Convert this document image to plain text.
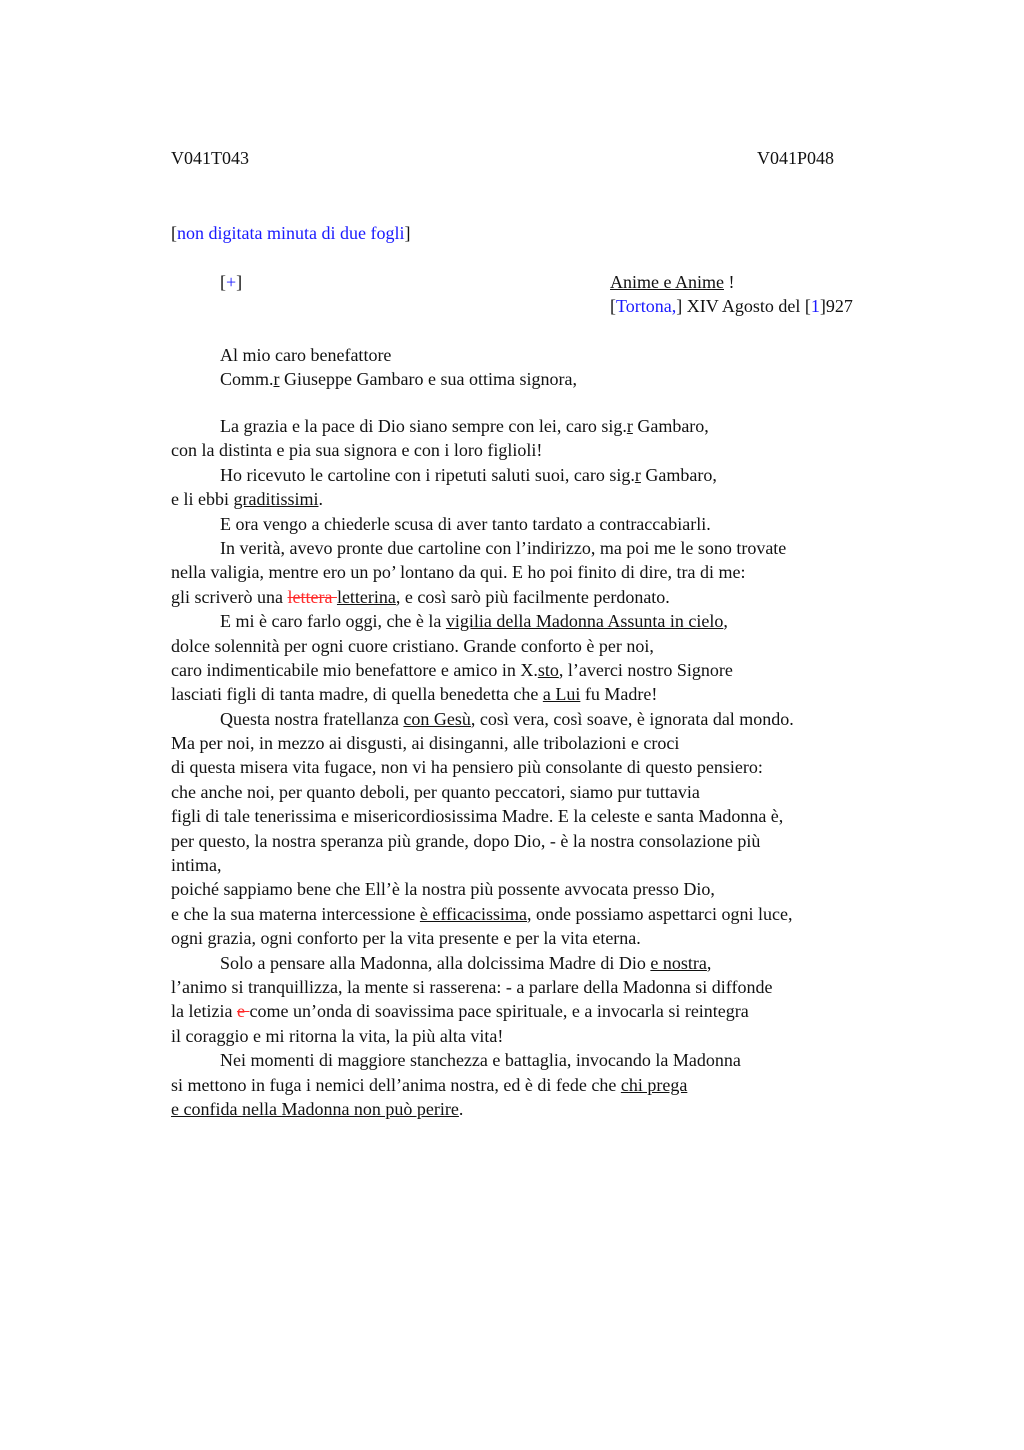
V041T043	V041P048
[non digitata minuta di due fogli]
[+]	Anime e Anime !
[Tortona,] XIV Agosto del [1]927
Al mio caro benefattore
Comm.r Giuseppe Gambaro e sua ottima signora,
La grazia e la pace di Dio siano sempre con lei, caro sig.r Gambaro,
con la distinta e pia sua signora e con i loro figlioli!
Ho ricevuto le cartoline con i ripetuti saluti suoi, caro sig.r Gambaro,
e li ebbi graditissimi.
E ora vengo a chiederle scusa di aver tanto tardato a contraccabiarli.
In verità, avevo pronte due cartoline con l’indirizzo, ma poi me le sono trovate
nella valigia, mentre ero un po’ lontano da qui. E ho poi finito di dire, tra di me:
gli scriverò una lettera letterina, e così sarò più facilmente perdonato.
E mi è caro farlo oggi, che è la vigilia della Madonna Assunta in cielo,
dolce solennità per ogni cuore cristiano. Grande conforto è per noi,
caro indimenticabile mio benefattore e amico in X.sto, l’averci nostro Signore
lasciati figli di tanta madre, di quella benedetta che a Lui fu Madre!
Questa nostra fratellanza con Gesù, così vera, così soave, è ignorata dal mondo.
Ma per noi, in mezzo ai disgusti, ai disinganni, alle tribolazioni e croci
di questa misera vita fugace, non vi ha pensiero più consolante di questo pensiero:
che anche noi, per quanto deboli, per quanto peccatori, siamo pur tuttavia
figli di tale tenerissima e misericordiosissima Madre. E la celeste e santa Madonna è,
per questo, la nostra speranza più grande, dopo Dio, - è la nostra consolazione più
intima,
poiché sappiamo bene che Ell’è la nostra più possente avvocata presso Dio,
e che la sua materna intercessione è efficacissima, onde possiamo aspettarci ogni luce,
ogni grazia, ogni conforto per la vita presente e per la vita eterna.
Solo a pensare alla Madonna, alla dolcissima Madre di Dio e nostra,
l’animo si tranquillizza, la mente si rasserena: - a parlare della Madonna si diffonde
la letizia e come un’onda di soavissima pace spirituale, e a invocarla si reintegra
il coraggio e mi ritorna la vita, la più alta vita!
Nei momenti di maggiore stanchezza e battaglia, invocando la Madonna
si mettono in fuga i nemici dell’anima nostra, ed è di fede che chi prega
e confida nella Madonna non può perire.
